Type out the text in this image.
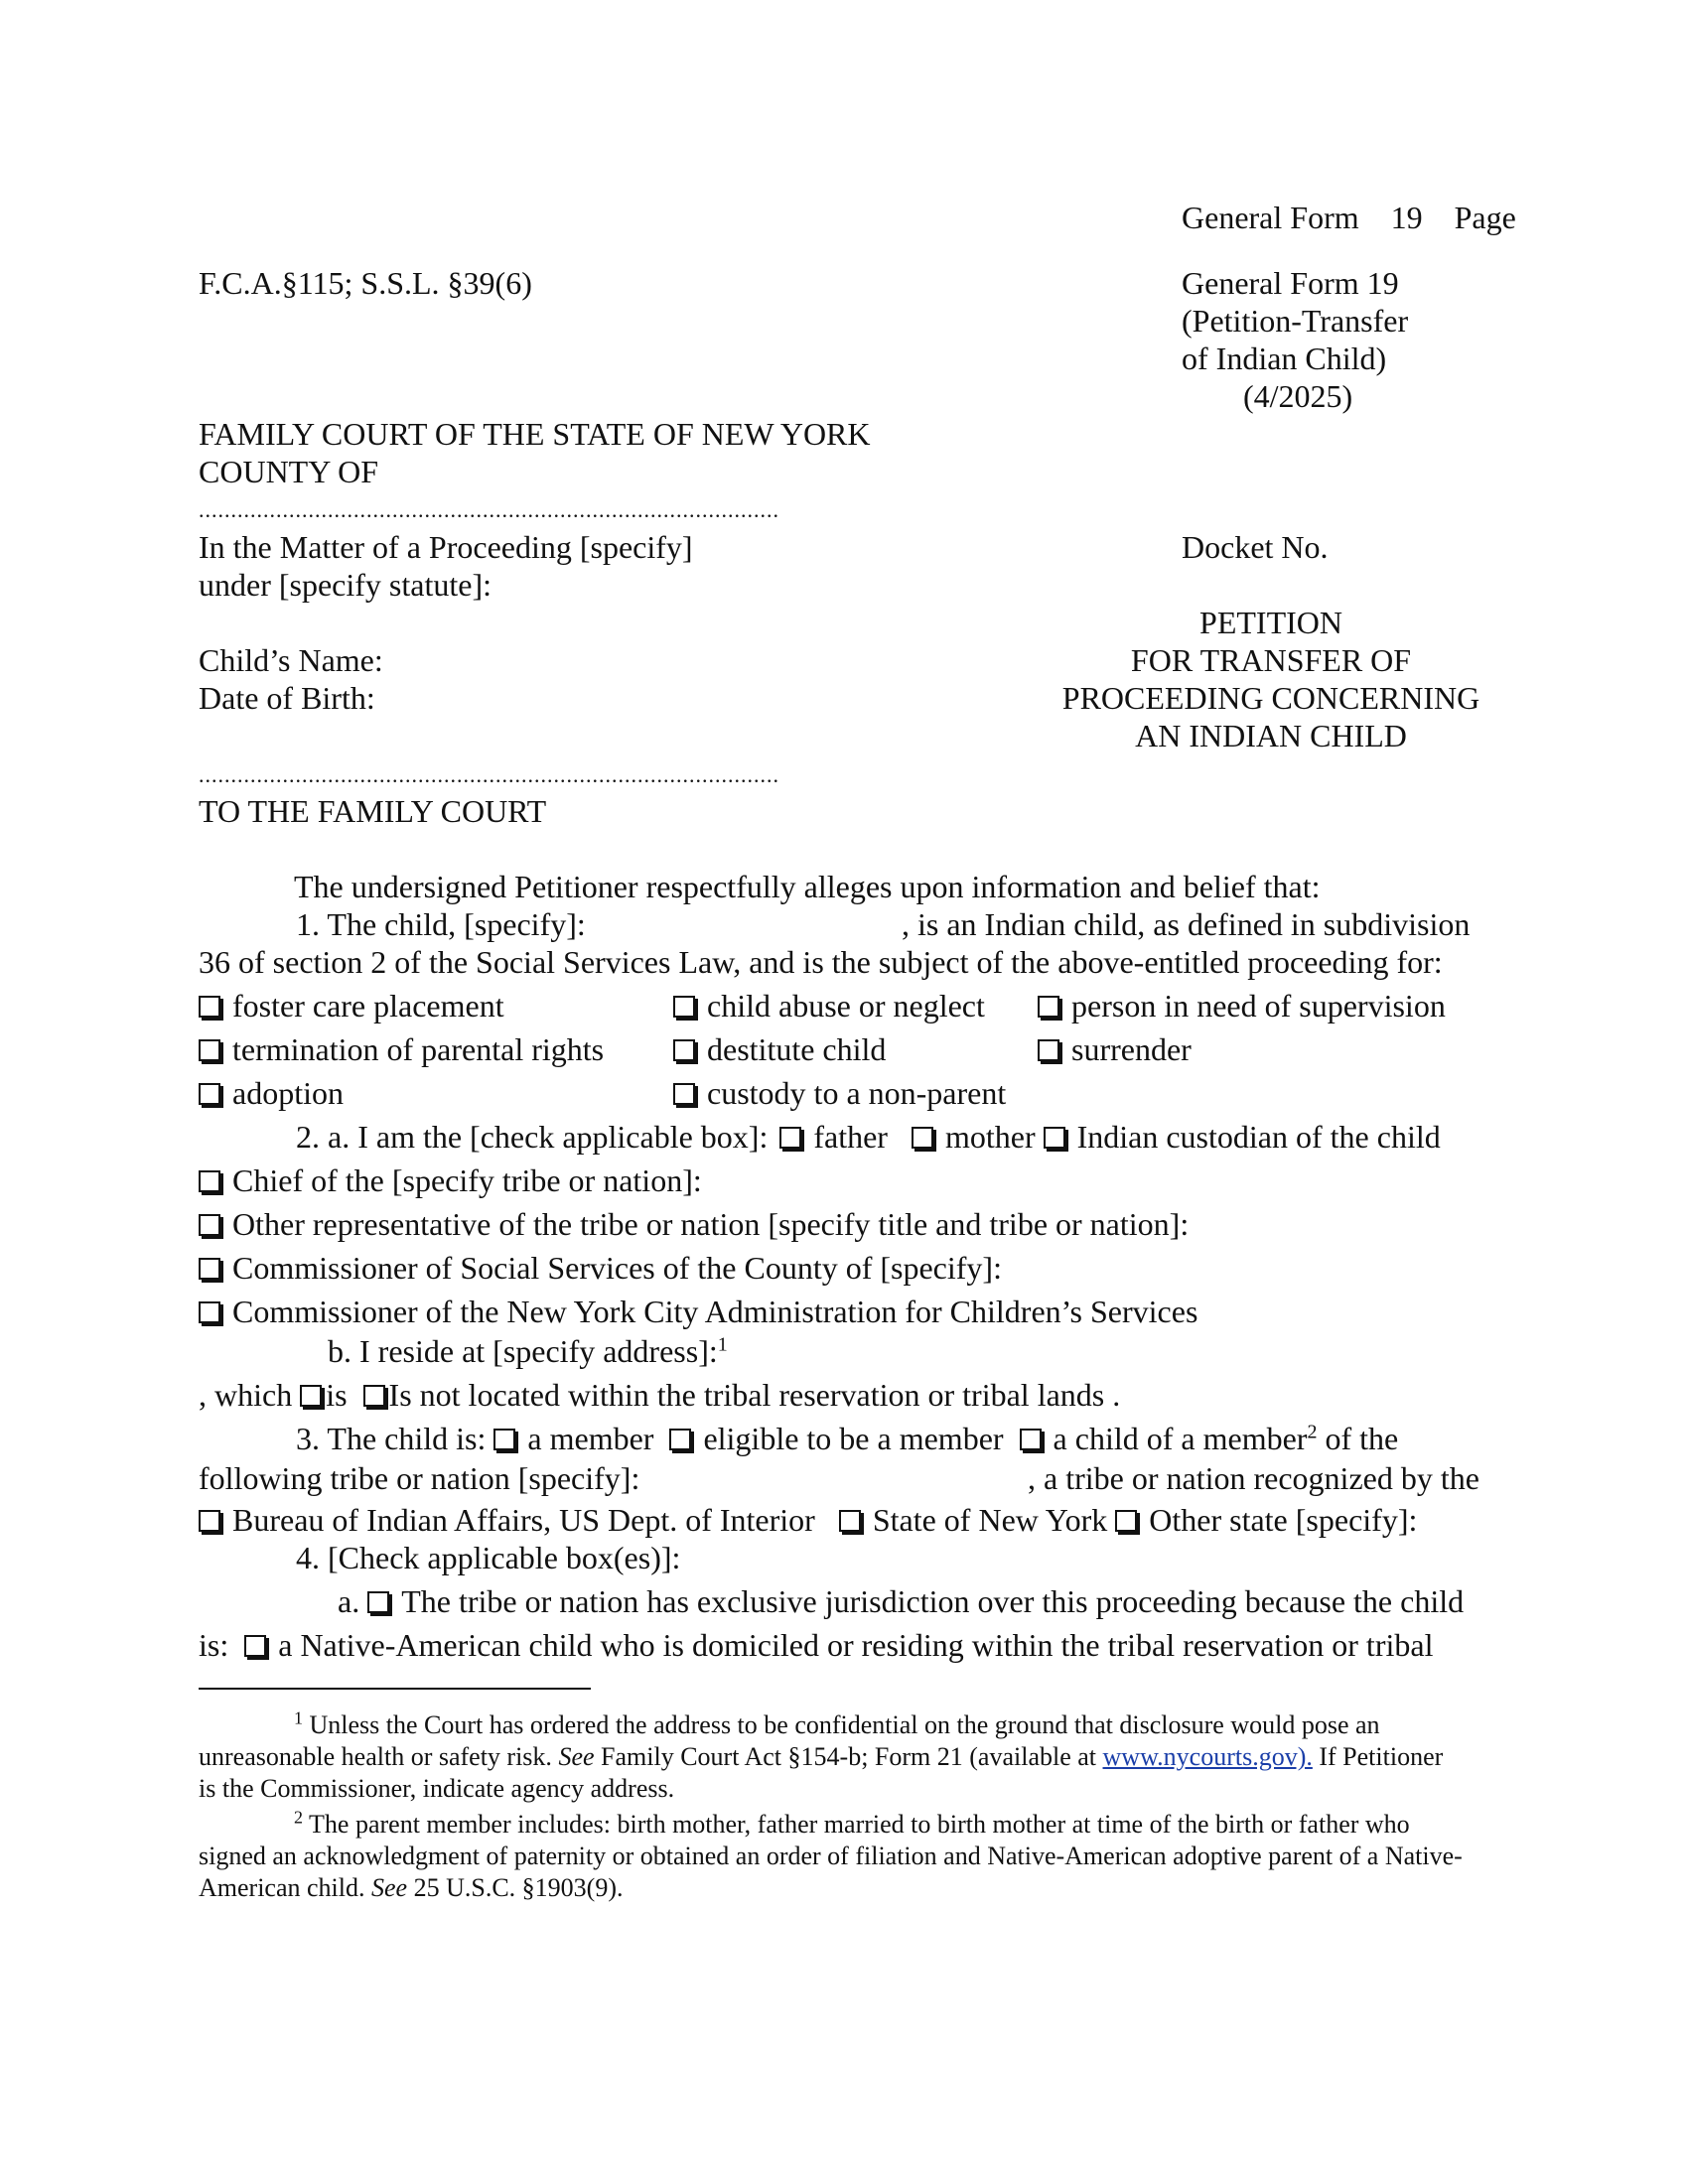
General Form 19 Page
F.C.A.§115; S.S.L. §39(6)	General Form 19
(Petition-Transfer
of Indian Child)
(4/2025)
FAMILY COURT OF THE STATE OF NEW YORK
COUNTY OF
..........................................................................................
In the Matter of a Proceeding [specify]
under [specify statute]:
Docket No.
PETITION
Child’s Name:	FOR TRANSFER OF
Date of Birth:	PROCEEDING CONCERNING
AN INDIAN CHILD
..........................................................................................
TO THE FAMILY COURT
The undersigned Petitioner respectfully alleges upon information and belief that:
1. The child, [specify]:	, is an Indian child, as defined in subdivision
36 of section 2 of the Social Services Law, and is the subject of the above-entitled proceeding for:
foster care placement	child abuse or neglect	person in need of supervision
termination of parental rights	destitute child	surrender
adoption	custody to a non-parent
2. a. I am the [check applicable box]: father mother Indian custodian of the child
Chief of the [specify tribe or nation]:
Other representative of the tribe or nation [specify title and tribe or nation]:
Commissioner of Social Services of the County of [specify]:
Commissioner of the New York City Administration for Children’s Services
b. I reside at [specify address]:$^1$
, which is Is not located within the tribal reservation or tribal lands .
3. The child is: a member eligible to be a member a child of a member$^2$ of the
following tribe or nation [specify]:	, a tribe or nation recognized by the
Bureau of Indian Affairs, US Dept. of Interior State of New York Other state [specify]:
4. [Check applicable box(es)]:
a. The tribe or nation has exclusive jurisdiction over this proceeding because the child
is: a Native-American child who is domiciled or residing within the tribal reservation or tribal
$^1$ Unless the Court has ordered the address to be confidential on the ground that disclosure would pose an
unreasonable health or safety risk. See Family Court Act §154-b; Form 21 (available at www.nycourts.gov). If Petitioner
is the Commissioner, indicate agency address.
$^2$ The parent member includes: birth mother, father married to birth mother at time of the birth or father who
signed an acknowledgment of paternity or obtained an order of filiation and Native-American adoptive parent of a Native-
American child. See 25 U.S.C. §1903(9).
